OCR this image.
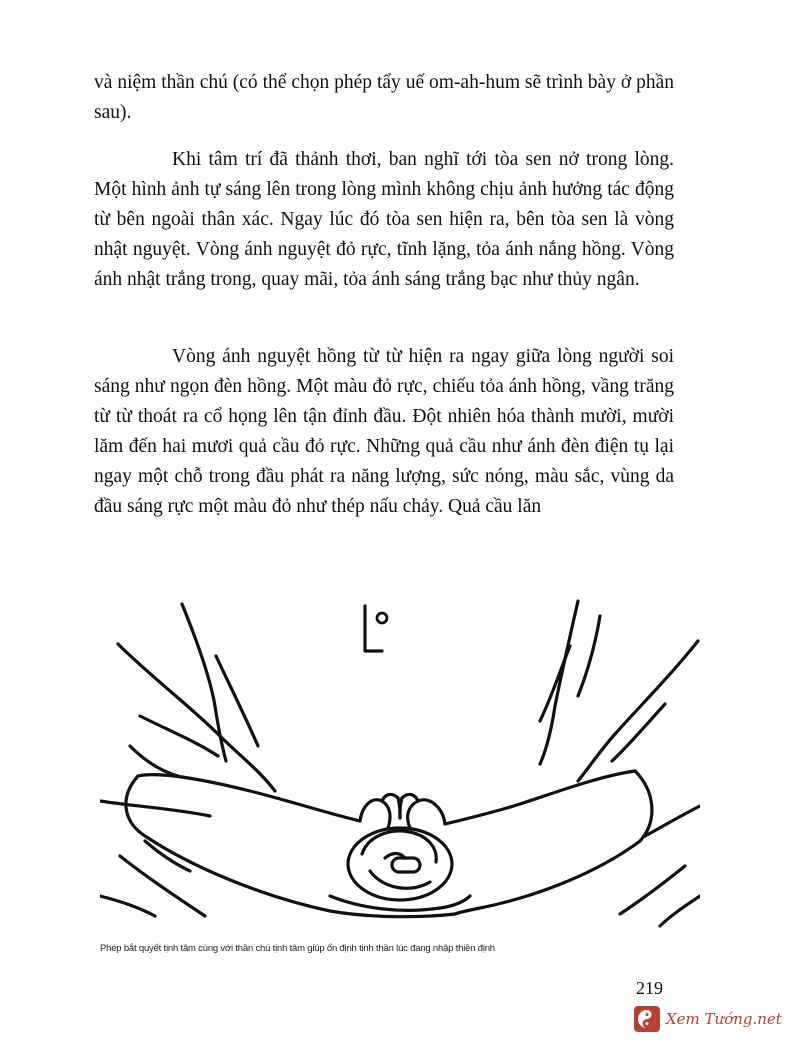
và niệm thần chú (có thể chọn phép tẩy uế om-ah-hum sẽ trình bày ở phần sau).

Khi tâm trí đã thảnh thơi, ban nghĩ tới tòa sen nở trong lòng. Một hình ảnh tự sáng lên trong lòng mình không chịu ảnh hưởng tác động từ bên ngoài thân xác. Ngay lúc đó tòa sen hiện ra, bên tòa sen là vòng nhật nguyệt. Vòng ánh nguyệt đỏ rực, tĩnh lặng, tỏa ánh nắng hồng. Vòng ánh nhật trắng trong, quay mãi, tỏa ánh sáng trắng bạc như thủy ngân.

Vòng ánh nguyệt hồng từ từ hiện ra ngay giữa lòng người soi sáng như ngọn đèn hồng. Một màu đỏ rực, chiếu tỏa ánh hồng, vầng trăng từ từ thoát ra cổ họng lên tận đỉnh đầu. Đột nhiên hóa thành mười, mười lăm đến hai mươi quả cầu đỏ rực. Những quả cầu như ánh đèn điện tụ lại ngay một chỗ trong đầu phát ra năng lượng, sức nóng, màu sắc, vùng da đầu sáng rực một màu đỏ như thép nấu chảy. Quả cầu lăn

Phép bắt quyết tịnh tâm cùng với thần chú tịnh tâm giúp ổn định tinh thần lúc đang nhập thiền định
219
Xem Tướng.net
